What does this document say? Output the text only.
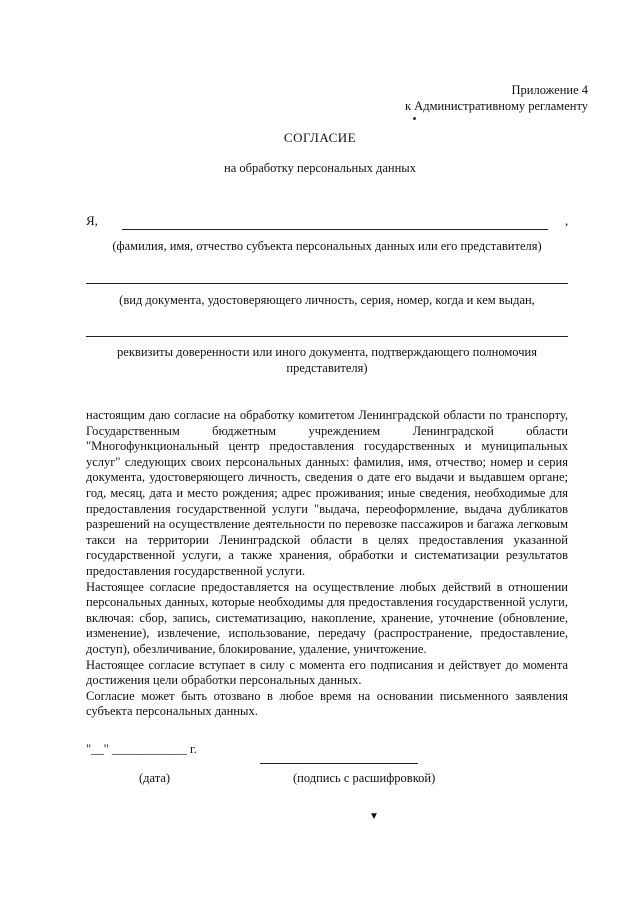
Приложение 4
к Административному регламенту
СОГЛАСИЕ
на обработку персональных данных
Я,	,
(фамилия, имя, отчество субъекта персональных данных или его представителя)
(вид документа, удостоверяющего личность, серия, номер, когда и кем выдан,
реквизиты доверенности или иного документа, подтверждающего полномочия
представителя)

настоящим даю согласие на обработку комитетом Ленинградской области по транспорту, Государственным бюджетным учреждением Ленинградской области "Многофункциональный центр предоставления государственных и муниципальных услуг" следующих своих персональных данных: фамилия, имя, отчество; номер и серия документа, удостоверяющего личность, сведения о дате его выдачи и выдавшем органе; год, месяц, дата и место рождения; адрес проживания; иные сведения, необходимые для предоставления государственной услуги "выдача, переоформление, выдача дубликатов разрешений на осуществление деятельности по перевозке пассажиров и багажа легковым такси на территории Ленинградской области в целях предоставления указанной государственной услуги, а также хранения, обработки и систематизации результатов предоставления государственной услуги.

Настоящее согласие предоставляется на осуществление любых действий в отношении персональных данных, которые необходимы для предоставления государственной услуги, включая: сбор, запись, систематизацию, накопление, хранение, уточнение (обновление, изменение), извлечение, использование, передачу (распространение, предоставление, доступ), обезличивание, блокирование, удаление, уничтожение.

Настоящее согласие вступает в силу с момента его подписания и действует до момента достижения цели обработки персональных данных.

Согласие может быть отозвано в любое время на основании письменного заявления субъекта персональных данных.

"__" ____________ г.
(дата)	(подпись с расшифровкой)
▼
